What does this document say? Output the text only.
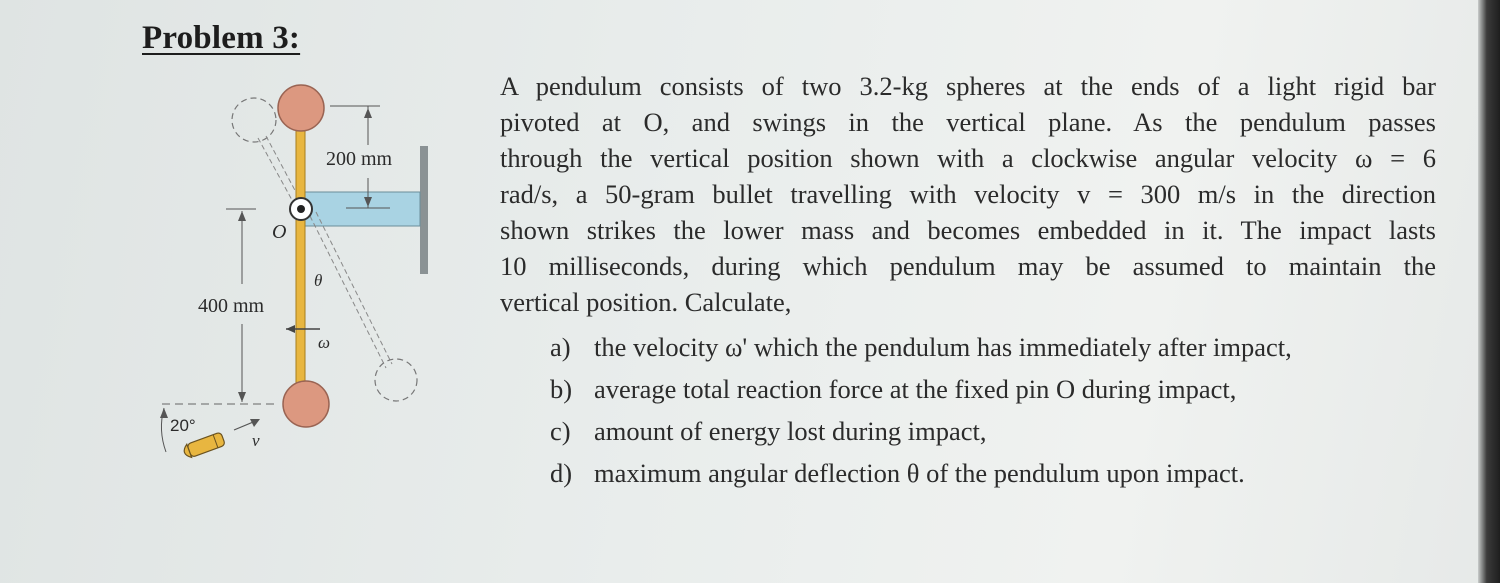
Problem 3:
200 mm
O
θ
ω
400 mm
20°
v
A pendulum consists of two 3.2-kg spheres at the ends of a light rigid bar
pivoted at O, and swings in the vertical plane. As the pendulum passes
through the vertical position shown with a clockwise angular velocity ω = 6
rad/s, a 50-gram bullet travelling with velocity v = 300 m/s in the direction
shown strikes the lower mass and becomes embedded in it. The impact lasts
10 milliseconds, during which pendulum may be assumed to maintain the
vertical position. Calculate,
a) the velocity ω' which the pendulum has immediately after impact,
b) average total reaction force at the fixed pin O during impact,
c) amount of energy lost during impact,
d) maximum angular deflection θ of the pendulum upon impact.
